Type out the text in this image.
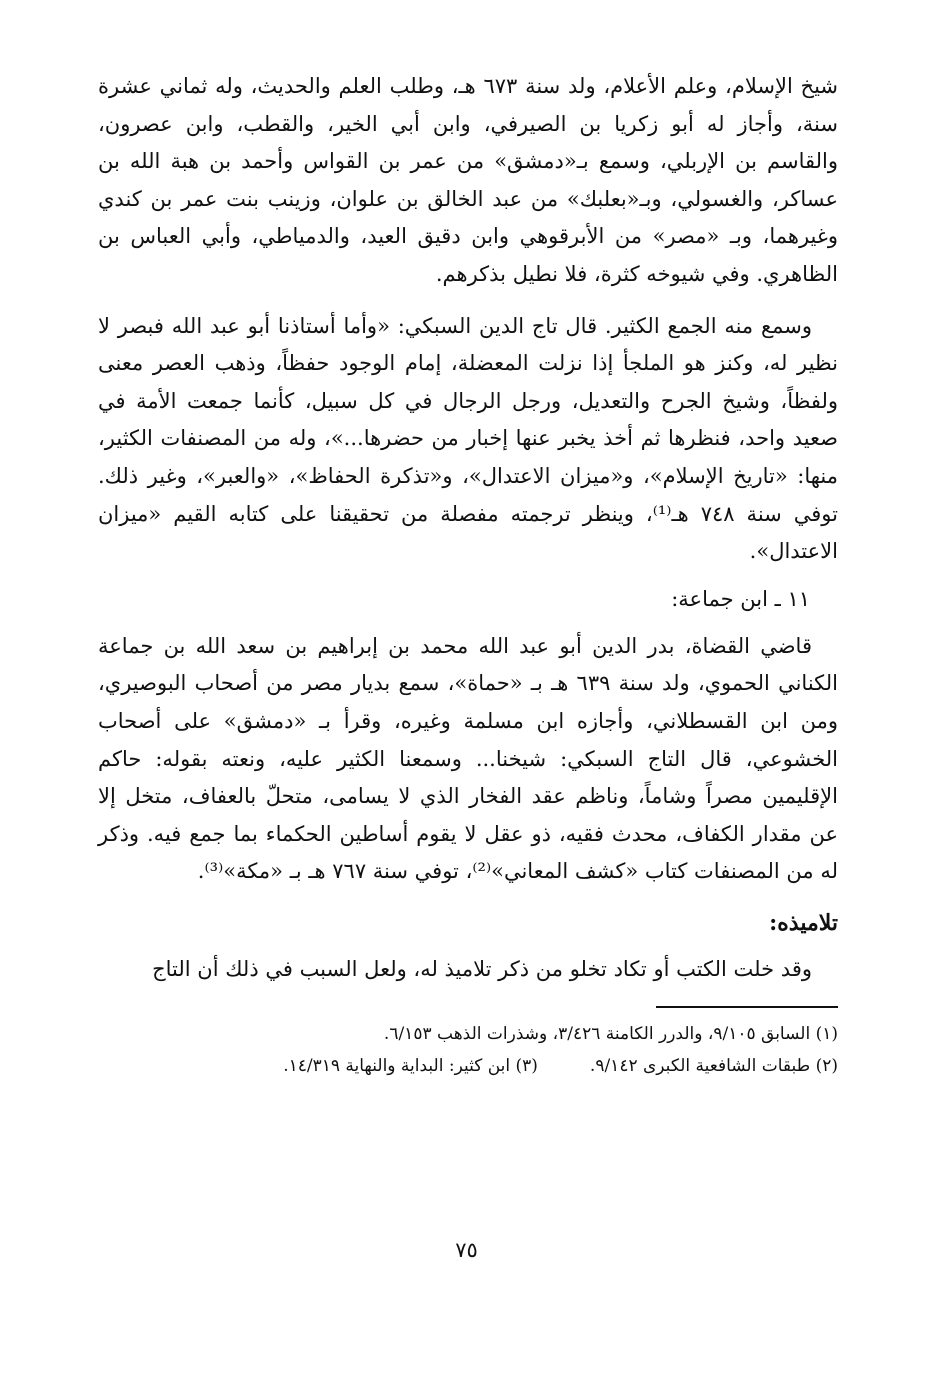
شيخ الإسلام، وعلم الأعلام، ولد سنة ٦٧٣ هـ، وطلب العلم والحديث، وله ثماني عشرة سنة، وأجاز له أبو زكريا بن الصيرفي، وابن أبي الخير، والقطب، وابن عصرون، والقاسم بن الإربلي، وسمع بـ«دمشق» من عمر بن القواس وأحمد بن هبة الله بن عساكر، والغسولي، وبـ«بعلبك» من عبد الخالق بن علوان، وزينب بنت عمر بن كندي وغيرهما، وبـ «مصر» من الأبرقوهي وابن دقيق العيد، والدمياطي، وأبي العباس بن الظاهري. وفي شيوخه كثرة، فلا نطيل بذكرهم.

وسمع منه الجمع الكثير. قال تاج الدين السبكي: «وأما أستاذنا أبو عبد الله فبصر لا نظير له، وكنز هو الملجأ إذا نزلت المعضلة، إمام الوجود حفظاً، وذهب العصر معنى ولفظاً، وشيخ الجرح والتعديل، ورجل الرجال في كل سبيل، كأنما جمعت الأمة في صعيد واحد، فنظرها ثم أخذ يخبر عنها إخبار من حضرها...»، وله من المصنفات الكثير، منها: «تاريخ الإسلام»، و«ميزان الاعتدال»، و«تذكرة الحفاظ»، «والعبر»، وغير ذلك. توفي سنة ٧٤٨ هـ⁽¹⁾، وينظر ترجمته مفصلة من تحقيقنا على كتابه القيم «ميزان الاعتدال».

١١ ـ ابن جماعة:

قاضي القضاة، بدر الدين أبو عبد الله محمد بن إبراهيم بن سعد الله بن جماعة الكناني الحموي، ولد سنة ٦٣٩ هـ بـ «حماة»، سمع بديار مصر من أصحاب البوصيري، ومن ابن القسطلاني، وأجازه ابن مسلمة وغيره، وقرأ بـ «دمشق» على أصحاب الخشوعي، قال التاج السبكي: شيخنا... وسمعنا الكثير عليه، ونعته بقوله: حاكم الإقليمين مصراً وشاماً، وناظم عقد الفخار الذي لا يسامى، متحلّ بالعفاف، متخل إلا عن مقدار الكفاف، محدث فقيه، ذو عقل لا يقوم أساطين الحكماء بما جمع فيه. وذكر له من المصنفات كتاب «كشف المعاني»⁽²⁾، توفي سنة ٧٦٧ هـ بـ «مكة»⁽³⁾.

تلاميذه:

وقد خلت الكتب أو تكاد تخلو من ذكر تلاميذ له، ولعل السبب في ذلك أن التاج

(١) السابق ٩/١٠٥، والدرر الكامنة ٣/٤٢٦، وشذرات الذهب ٦/١٥٣.

(٢) طبقات الشافعية الكبرى ٩/١٤٢.
(٣) ابن كثير: البداية والنهاية ١٤/٣١٩.
٧٥
